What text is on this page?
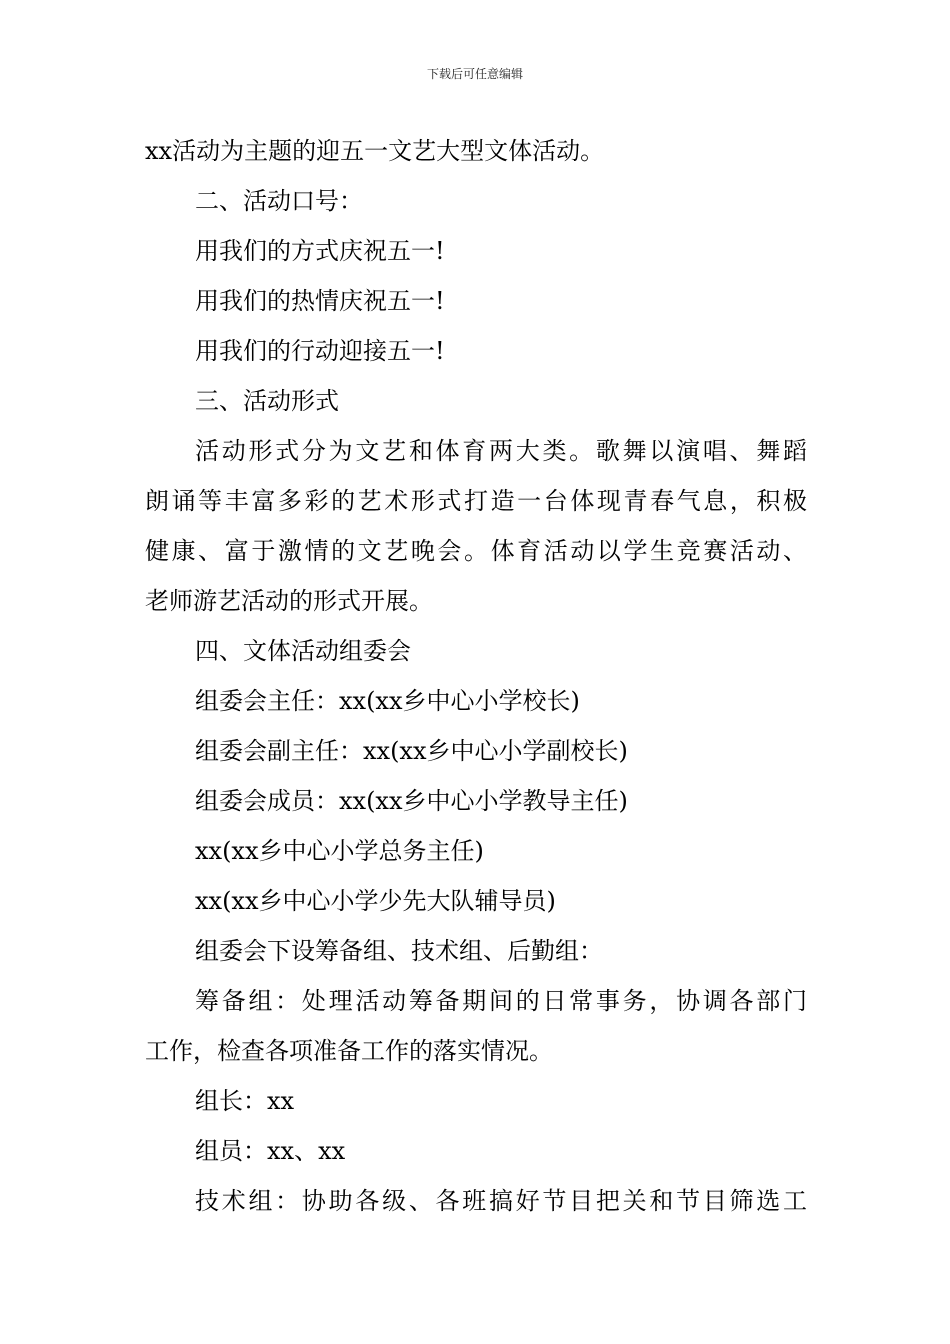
下载后可任意编辑
xx活动为主题的迎五一文艺大型文体活动。
二、活动口号：
用我们的方式庆祝五一!
用我们的热情庆祝五一!
用我们的行动迎接五一!
三、活动形式
活动形式分为文艺和体育两大类。歌舞以演唱、舞蹈
朗诵等丰富多彩的艺术形式打造一台体现青春气息，积极
健康、富于激情的文艺晚会。体育活动以学生竞赛活动、
老师游艺活动的形式开展。
四、文体活动组委会
组委会主任：xx(xx乡中心小学校长)
组委会副主任：xx(xx乡中心小学副校长)
组委会成员：xx(xx乡中心小学教导主任)
xx(xx乡中心小学总务主任)
xx(xx乡中心小学少先大队辅导员)
组委会下设筹备组、技术组、后勤组：
筹备组：处理活动筹备期间的日常事务，协调各部门
工作，检查各项准备工作的落实情况。
组长：xx
组员：xx、xx
技术组：协助各级、各班搞好节目把关和节目筛选工
